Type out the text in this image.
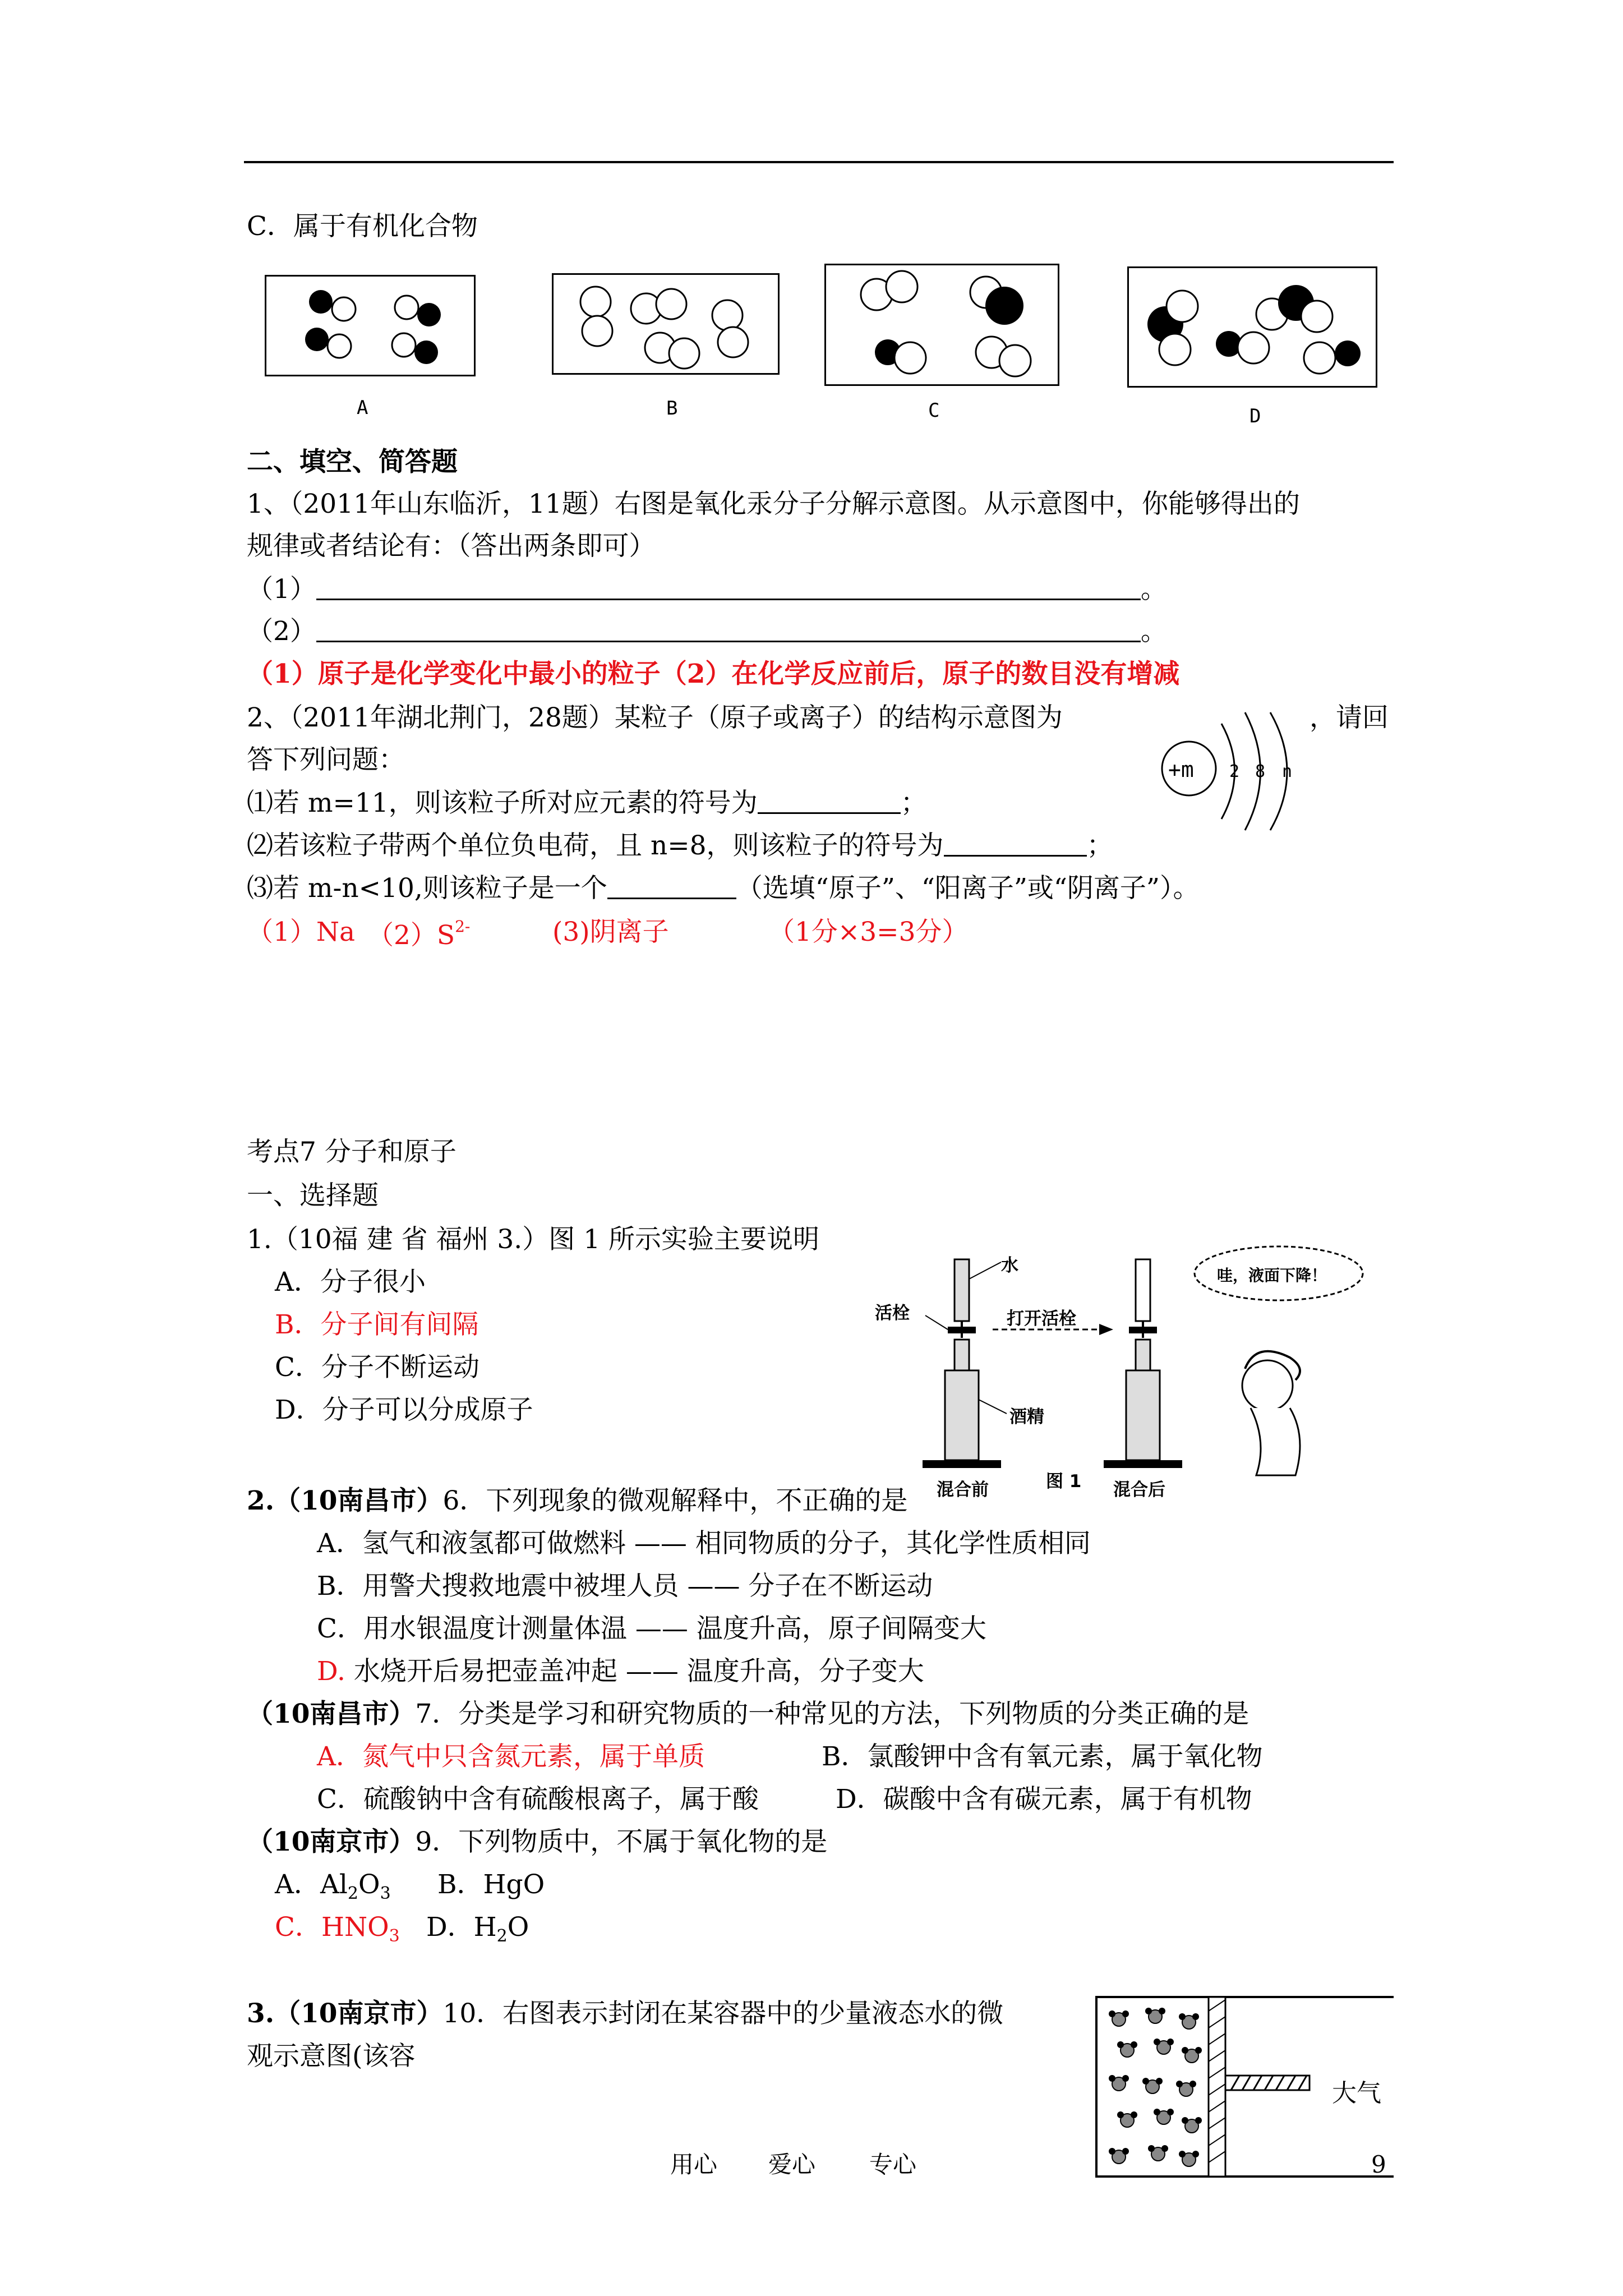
C．属于有机化合物
A	B	C	D
二、填空、简答题
1、（2011年山东临沂，11题）右图是氧化汞分子分解示意图。从示意图中，你能够得出的
规律或者结论有：（答出两条即可）
（1）	。
（2）	。
（1）原子是化学变化中最小的粒子（2）在化学反应前后，原子的数目没有增减
2、（2011年湖北荆门，28题）某粒子（原子或离子）的结构示意图为	，请回
答下列问题：	+m 2 8 n
⑴若 m=11，则该粒子所对应元素的符号为	；
⑵若该粒子带两个单位负电荷，且 n=8，则该粒子的符号为	；
⑶若 m-n<10,则该粒子是一个	（选填“原子”、“阳离子”或“阴离子”）。
（1）Na $(2)S^{2-}$	(3)阴离子	（1分×3=3分）
考点7 分子和原子
一、选择题
1.（10福 建 省 福州 3.）图 1 所示实验主要说明
A．分子很小
B．分子间有间隔
C．分子不断运动
D．分子可以分成原子
水
活栓	打开活栓
酒精
混合前	混合后
哇，液面下降！
图 1
2.（10南昌市）6．下列现象的微观解释中，不正确的是
A．氢气和液氢都可做燃料 —— 相同物质的分子，其化学性质相同
B．用警犬搜救地震中被埋人员 —— 分子在不断运动
C．用水银温度计测量体温 —— 温度升高，原子间隔变大
D. 水烧开后易把壶盖冲起 —— 温度升高，分子变大
（10南昌市）7．分类是学习和研究物质的一种常见的方法，下列物质的分类正确的是
A．氮气中只含氮元素，属于单质	B．氯酸钾中含有氧元素，属于氧化物
C．硫酸钠中含有硫酸根离子，属于酸	D．碳酸中含有碳元素，属于有机物
（10南京市）9．下列物质中，不属于氧化物的是
A．$Al_2O_3$ B．HgO
C．$HNO_3$ D．$H_2O$
3.（10南京市）10．右图表示封闭在某容器中的少量液态水的微
观示意图(该容
大气
用心 爱心 专心	9
